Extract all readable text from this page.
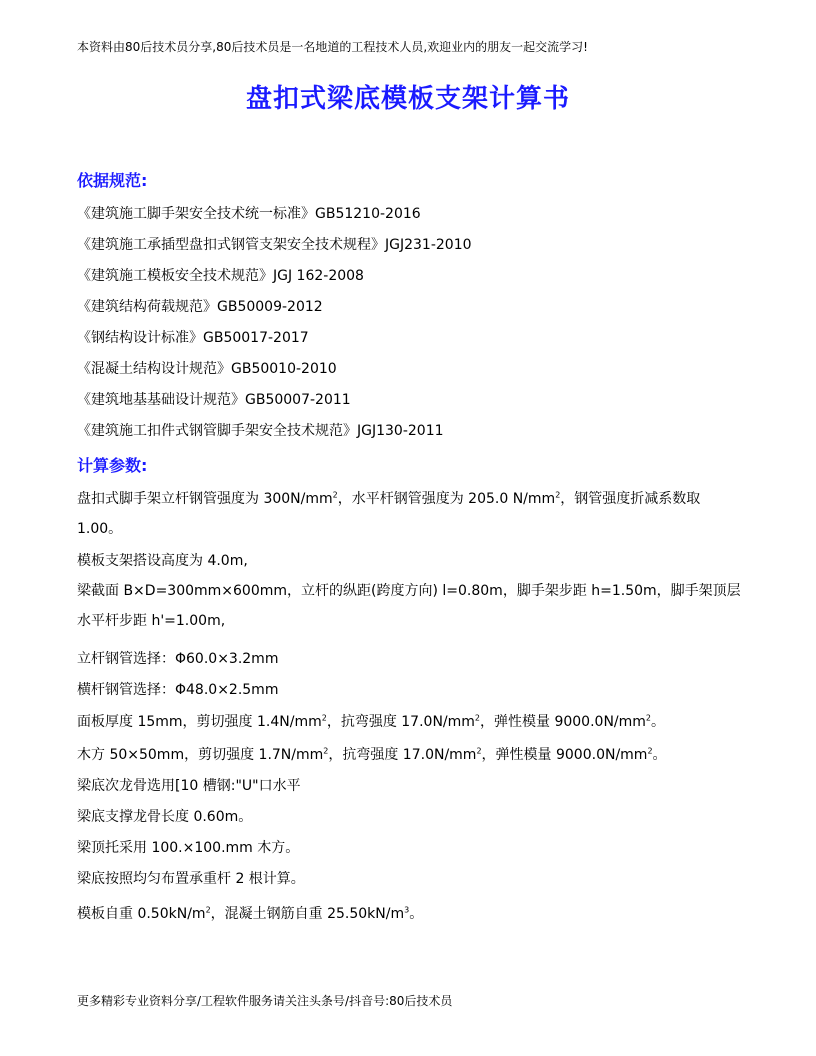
本资料由80后技术员分享,80后技术员是一名地道的工程技术人员,欢迎业内的朋友一起交流学习!
盘扣式梁底模板支架计算书
依据规范:
《建筑施工脚手架安全技术统一标准》GB51210-2016
《建筑施工承插型盘扣式钢管支架安全技术规程》JGJ231-2010
《建筑施工模板安全技术规范》JGJ 162-2008
《建筑结构荷载规范》GB50009-2012
《钢结构设计标准》GB50017-2017
《混凝土结构设计规范》GB50010-2010
《建筑地基基础设计规范》GB50007-2011
《建筑施工扣件式钢管脚手架安全技术规范》JGJ130-2011
计算参数:
盘扣式脚手架立杆钢管强度为 $300N/mm^2$，水平杆钢管强度为 205.0 $N/mm^2$，钢管强度折减系数取 1.00。
模板支架搭设高度为 4.0m,
梁截面 B×D=300mm×600mm，立杆的纵距(跨度方向) l=0.80m，脚手架步距 h=1.50m，脚手架顶层水平杆步距 h'=1.00m,
立杆钢管选择：Φ60.0×3.2mm
横杆钢管选择：Φ48.0×2.5mm
面板厚度 15mm，剪切强度 $1.4N/mm^2$，抗弯强度 $17.0N/mm^2$，弹性模量 $9000.0N/mm^2$。
木方 50×50mm，剪切强度 $1.7N/mm^2$，抗弯强度 $17.0N/mm^2$，弹性模量 $9000.0N/mm^2$。
梁底次龙骨选用[10 槽钢:"U"口水平
梁底支撑龙骨长度 0.60m。
梁顶托采用 100.×100.mm 木方。
梁底按照均匀布置承重杆 2 根计算。
模板自重 $0.50kN/m^2$，混凝土钢筋自重 $25.50kN/m^3$。
更多精彩专业资料分享/工程软件服务请关注头条号/抖音号:80后技术员
